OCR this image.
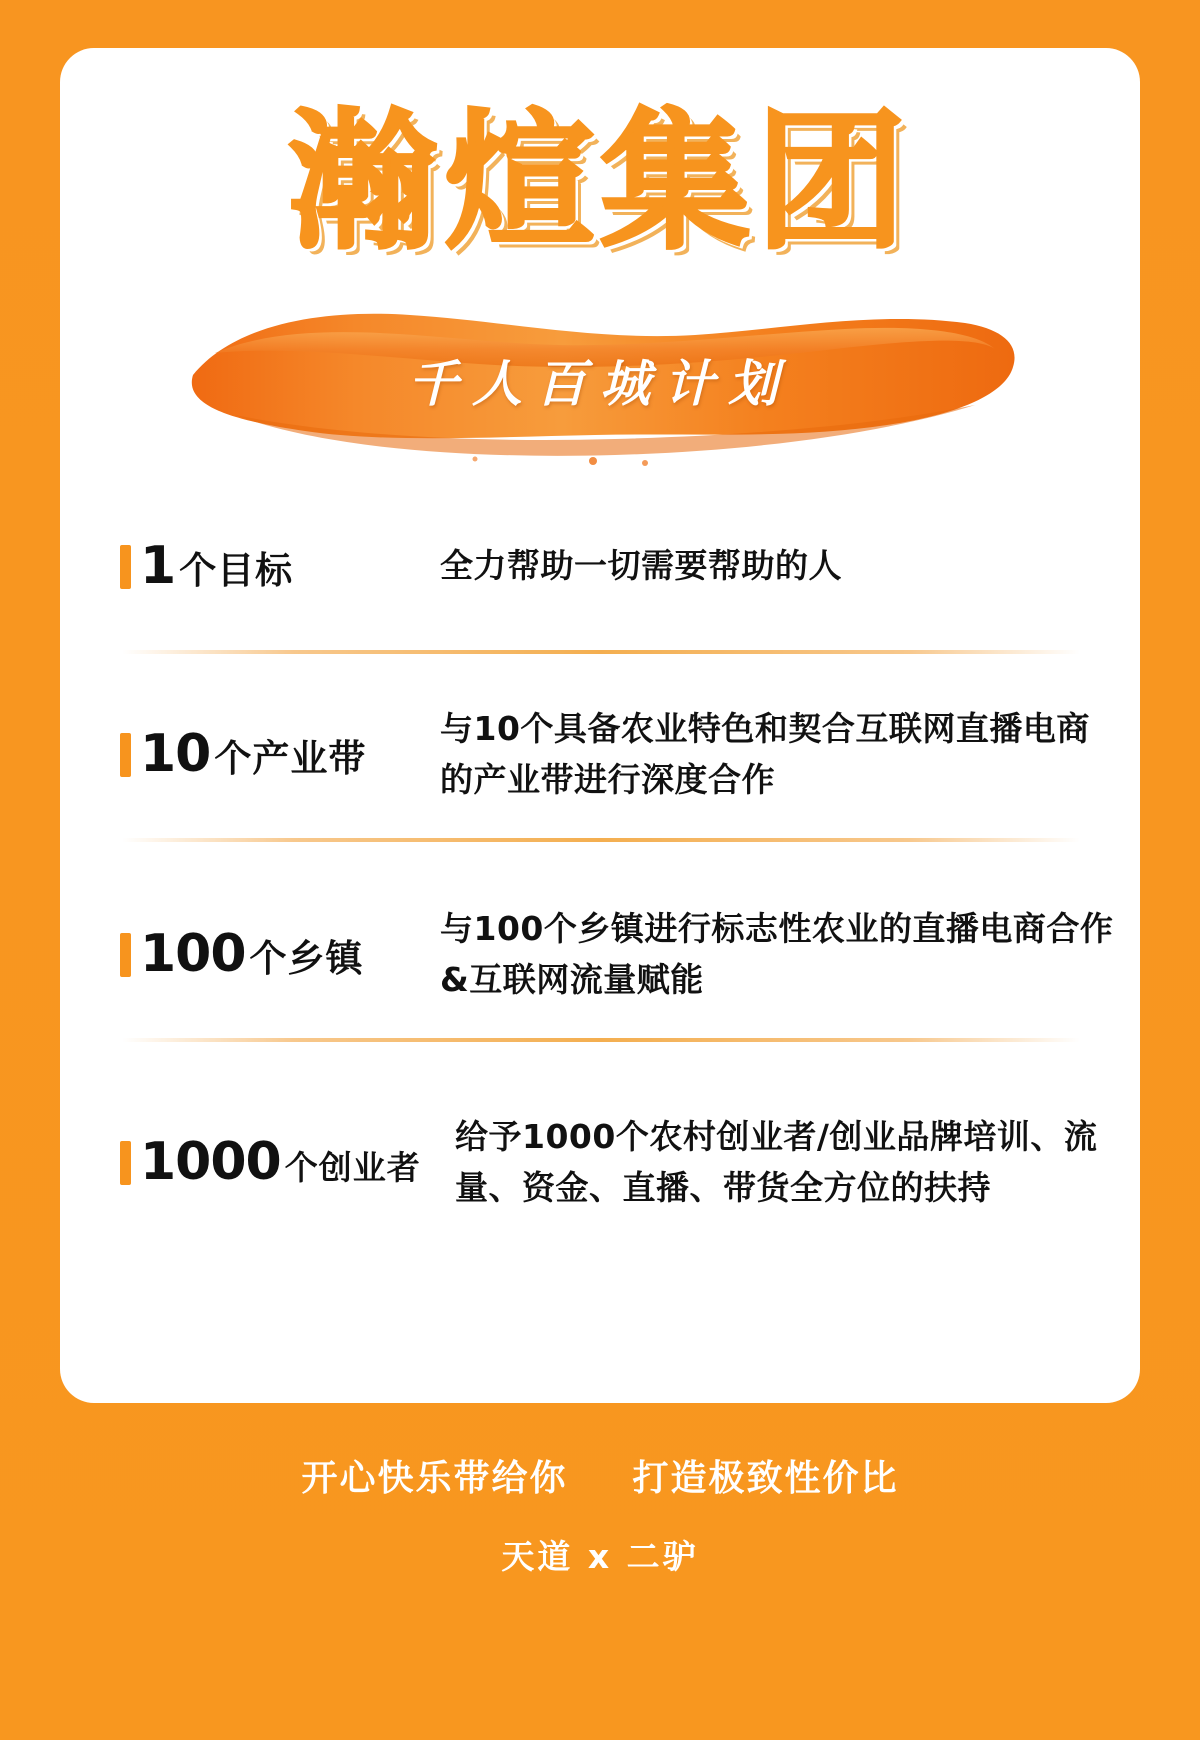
瀚煊集团
千人百城计划
1 个目标	全力帮助一切需要帮助的人
10 个产业带
与10个具备农业特色和契合互联网直播电商的产业带进行深度合作
100 个乡镇
与100个乡镇进行标志性农业的直播电商合作&互联网流量赋能
1000 个创业者
给予1000个农村创业者/创业品牌培训、流量、资金、直播、带货全方位的扶持
开心快乐带给你 打造极致性价比
天道 x 二驴
